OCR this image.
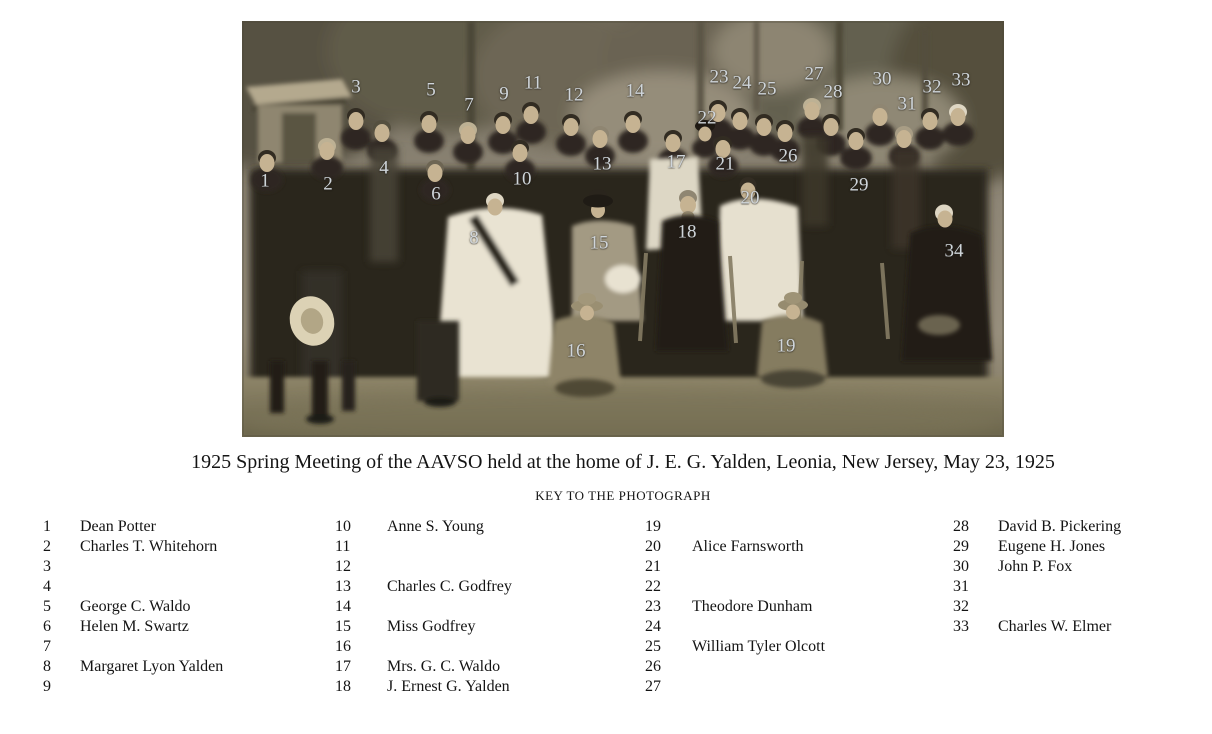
1	2
3
4
5
6
7
8
9
10
11
12
13
14
15
16
17
18
19
20
21
22
23 24 25
26
27
28
29
30
31
32 33
34
1925 Spring Meeting of the AAVSO held at the home of J. E. G. Yalden, Leonia, New Jersey, May 23, 1925
KEY TO THE PHOTOGRAPH
1	Dean Potter
2	Charles T. Whitehorn
3
4
5	George C. Waldo
6	Helen M. Swartz
7
8	Margaret Lyon Yalden
9
10	Anne S. Young
11
12
13	Charles C. Godfrey
14
15	Miss Godfrey
16
17	Mrs. G. C. Waldo
18	J. Ernest G. Yalden
19
20	Alice Farnsworth
21
22
23	Theodore Dunham
24
25	William Tyler Olcott
26
27
28	David B. Pickering
29	Eugene H. Jones
30	John P. Fox
31
32
33	Charles W. Elmer
